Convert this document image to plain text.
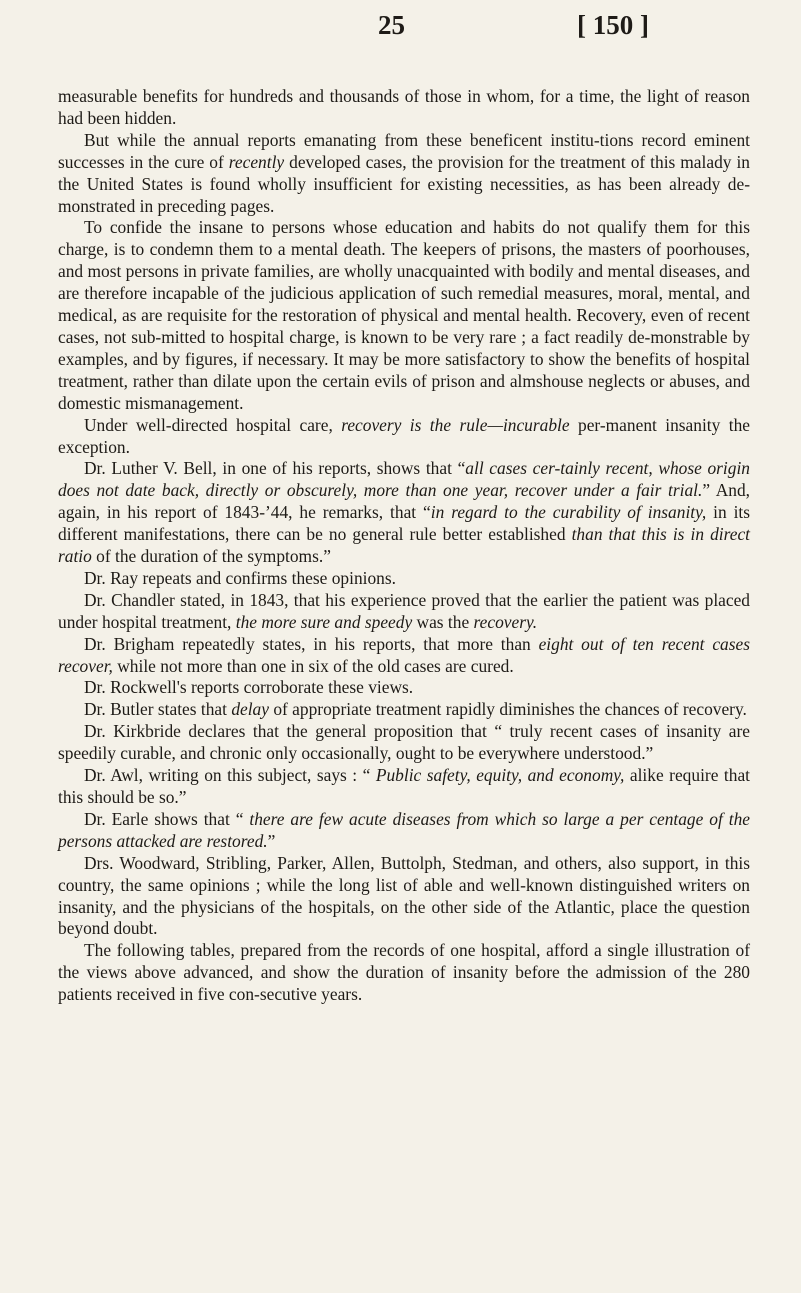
25	[ 150 ]

measurable benefits for hundreds and thousands of those in whom, for a time, the light of reason had been hidden.

But while the annual reports emanating from these beneficent institu-tions record eminent successes in the cure of recently developed cases, the provision for the treatment of this malady in the United States is found wholly insufficient for existing necessities, as has been already de-monstrated in preceding pages.

To confide the insane to persons whose education and habits do not qualify them for this charge, is to condemn them to a mental death. The keepers of prisons, the masters of poorhouses, and most persons in private families, are wholly unacquainted with bodily and mental diseases, and are therefore incapable of the judicious application of such remedial measures, moral, mental, and medical, as are requisite for the restoration of physical and mental health. Recovery, even of recent cases, not sub-mitted to hospital charge, is known to be very rare ; a fact readily de-monstrable by examples, and by figures, if necessary. It may be more satisfactory to show the benefits of hospital treatment, rather than dilate upon the certain evils of prison and almshouse neglects or abuses, and domestic mismanagement.

Under well-directed hospital care, recovery is the rule—incurable per-manent insanity the exception.

Dr. Luther V. Bell, in one of his reports, shows that “all cases cer-tainly recent, whose origin does not date back, directly or obscurely, more than one year, recover under a fair trial.” And, again, in his report of 1843-’44, he remarks, that “in regard to the curability of insanity, in its different manifestations, there can be no general rule better established than that this is in direct ratio of the duration of the symptoms.”

Dr. Ray repeats and confirms these opinions.

Dr. Chandler stated, in 1843, that his experience proved that the earlier the patient was placed under hospital treatment, the more sure and speedy was the recovery.

Dr. Brigham repeatedly states, in his reports, that more than eight out of ten recent cases recover, while not more than one in six of the old cases are cured.

Dr. Rockwell's reports corroborate these views.

Dr. Butler states that delay of appropriate treatment rapidly diminishes the chances of recovery.

Dr. Kirkbride declares that the general proposition that “ truly recent cases of insanity are speedily curable, and chronic only occasionally, ought to be everywhere understood.”

Dr. Awl, writing on this subject, says : “ Public safety, equity, and economy, alike require that this should be so.”

Dr. Earle shows that “ there are few acute diseases from which so large a per centage of the persons attacked are restored.”

Drs. Woodward, Stribling, Parker, Allen, Buttolph, Stedman, and others, also support, in this country, the same opinions ; while the long list of able and well-known distinguished writers on insanity, and the physicians of the hospitals, on the other side of the Atlantic, place the question beyond doubt.

The following tables, prepared from the records of one hospital, afford a single illustration of the views above advanced, and show the duration of insanity before the admission of the 280 patients received in five con-secutive years.
